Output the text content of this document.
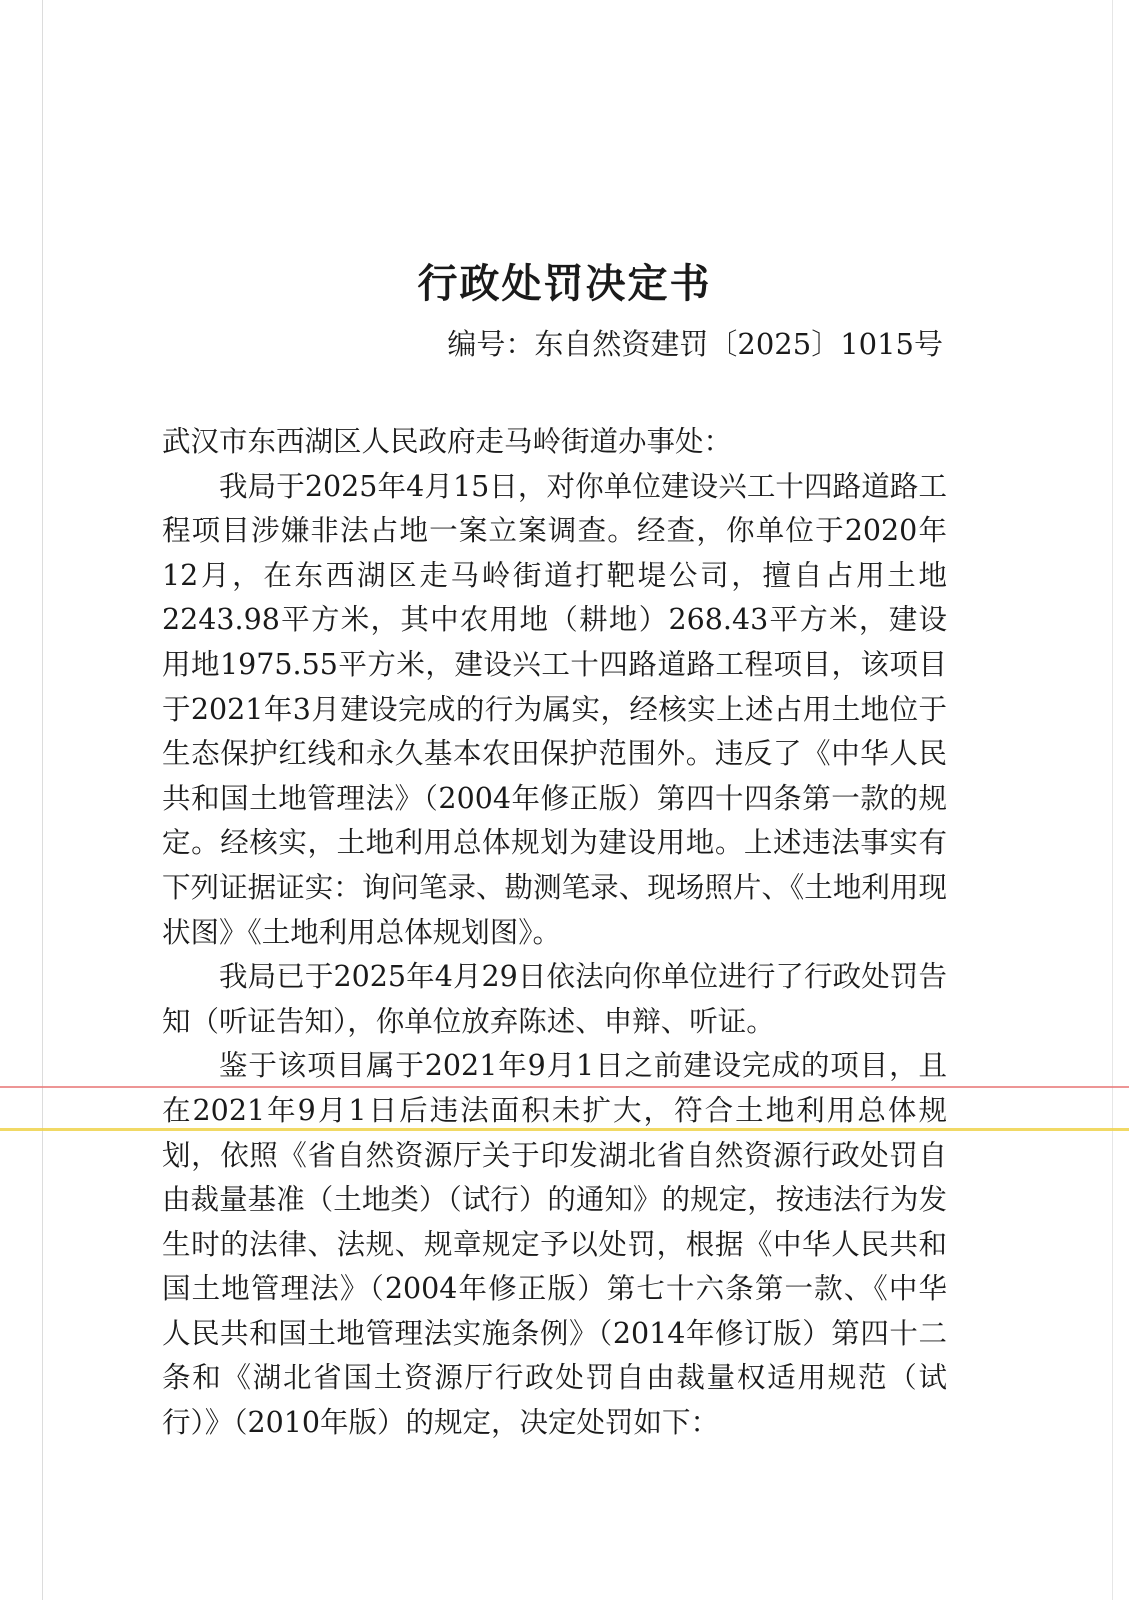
行政处罚决定书
编号：东自然资建罚〔2025〕1015号

武汉市东西湖区人民政府走马岭街道办事处：

我局于2025年4月15日，对你单位建设兴工十四路道路工程项目涉嫌非法占地一案立案调查。经查，你单位于2020年12月，在东西湖区走马岭街道打靶堤公司，擅自占用土地2243.98平方米，其中农用地（耕地）268.43平方米，建设用地1975.55平方米，建设兴工十四路道路工程项目，该项目于2021年3月建设完成的行为属实，经核实上述占用土地位于生态保护红线和永久基本农田保护范围外。违反了《中华人民共和国土地管理法》（2004年修正版）第四十四条第一款的规定。经核实，土地利用总体规划为建设用地。上述违法事实有下列证据证实：询问笔录、勘测笔录、现场照片、《土地利用现状图》《土地利用总体规划图》。

我局已于2025年4月29日依法向你单位进行了行政处罚告知（听证告知），你单位放弃陈述、申辩、听证。

鉴于该项目属于2021年9月1日之前建设完成的项目，且在2021年9月1日后违法面积未扩大，符合土地利用总体规划，依照《省自然资源厅关于印发湖北省自然资源行政处罚自由裁量基准（土地类）（试行）的通知》的规定，按违法行为发生时的法律、法规、规章规定予以处罚，根据《中华人民共和国土地管理法》（2004年修正版）第七十六条第一款、《中华人民共和国土地管理法实施条例》（2014年修订版）第四十二条和《湖北省国土资源厅行政处罚自由裁量权适用规范（试行）》（2010年版）的规定，决定处罚如下：
